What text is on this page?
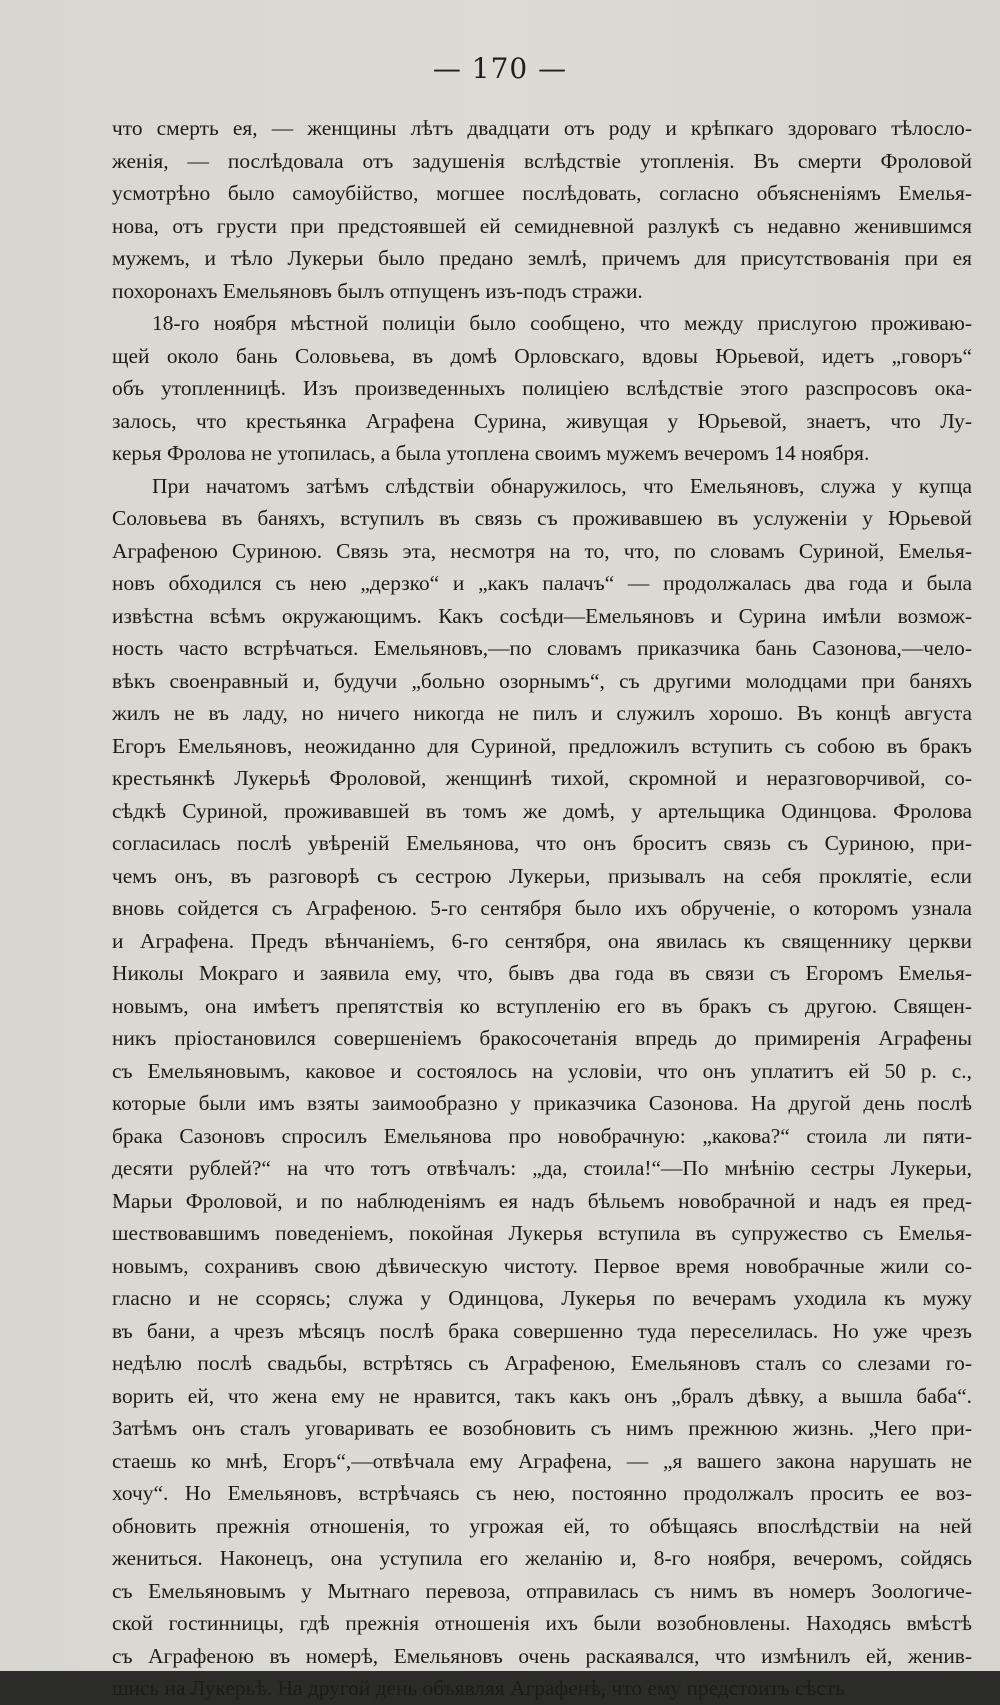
— 170 —
что смерть ея, — женщины лѣтъ двадцати отъ роду и крѣпкаго здороваго тѣлосло-
женія, — послѣдовала отъ задушенія вслѣдствіе утопленія. Въ смерти Фроловой
усмотрѣно было самоубійство, могшее послѣдовать, согласно объясненіямъ Емелья-
нова, отъ грусти при предстоявшей ей семидневной разлукѣ съ недавно женившимся
мужемъ, и тѣло Лукерьи было предано землѣ, причемъ для присутствованія при ея
похоронахъ Емельяновъ былъ отпущенъ изъ-подъ стражи.
18-го ноября мѣстной полиціи было сообщено, что между прислугою проживаю-
щей около бань Соловьева, въ домѣ Орловскаго, вдовы Юрьевой, идетъ „говоръ“
объ утопленницѣ. Изъ произведенныхъ полиціею вслѣдствіе этого разспросовъ ока-
залось, что крестьянка Аграфена Сурина, живущая у Юрьевой, знаетъ, что Лу-
керья Фролова не утопилась, а была утоплена своимъ мужемъ вечеромъ 14 ноября.
При начатомъ затѣмъ слѣдствіи обнаружилось, что Емельяновъ, служа у купца
Соловьева въ баняхъ, вступилъ въ связь съ проживавшею въ услуженіи у Юрьевой
Аграфеною Суриною. Связь эта, несмотря на то, что, по словамъ Суриной, Емелья-
новъ обходился съ нею „дерзко“ и „какъ палачъ“ — продолжалась два года и была
извѣстна всѣмъ окружающимъ. Какъ сосѣди—Емельяновъ и Сурина имѣли возмож-
ность часто встрѣчаться. Емельяновъ,—по словамъ приказчика бань Сазонова,—чело-
вѣкъ своенравный и, будучи „больно озорнымъ“, съ другими молодцами при баняхъ
жилъ не въ ладу, но ничего никогда не пилъ и служилъ хорошо. Въ концѣ августа
Егоръ Емельяновъ, неожиданно для Суриной, предложилъ вступить съ собою въ бракъ
крестьянкѣ Лукерьѣ Фроловой, женщинѣ тихой, скромной и неразговорчивой, со-
сѣдкѣ Суриной, проживавшей въ томъ же домѣ, у артельщика Одинцова. Фролова
согласилась послѣ увѣреній Емельянова, что онъ броситъ связь съ Суриною, при-
чемъ онъ, въ разговорѣ съ сестрою Лукерьи, призывалъ на себя проклятіе, если
вновь сойдется съ Аграфеною. 5-го сентября было ихъ обрученіе, о которомъ узнала
и Аграфена. Предъ вѣнчаніемъ, 6-го сентября, она явилась къ священнику церкви
Николы Мокраго и заявила ему, что, бывъ два года въ связи съ Егоромъ Емелья-
новымъ, она имѣетъ препятствія ко вступленію его въ бракъ съ другою. Священ-
никъ пріостановился совершеніемъ бракосочетанія впредь до примиренія Аграфены
съ Емельяновымъ, каковое и состоялось на условіи, что онъ уплатитъ ей 50 р. с.,
которые были имъ взяты заимообразно у приказчика Сазонова. На другой день послѣ
брака Сазоновъ спросилъ Емельянова про новобрачную: „какова?“ стоила ли пяти-
десяти рублей?“ на что тотъ отвѣчалъ: „да, стоила!“—По мнѣнію сестры Лукерьи,
Марьи Фроловой, и по наблюденіямъ ея надъ бѣльемъ новобрачной и надъ ея пред-
шествовавшимъ поведеніемъ, покойная Лукерья вступила въ супружество съ Емелья-
новымъ, сохранивъ свою дѣвическую чистоту. Первое время новобрачные жили со-
гласно и не ссорясь; служа у Одинцова, Лукерья по вечерамъ уходила къ мужу
въ бани, а чрезъ мѣсяцъ послѣ брака совершенно туда переселилась. Но уже чрезъ
недѣлю послѣ свадьбы, встрѣтясь съ Аграфеною, Емельяновъ сталъ со слезами го-
ворить ей, что жена ему не нравится, такъ какъ онъ „бралъ дѣвку, а вышла баба“.
Затѣмъ онъ сталъ уговаривать ее возобновить съ нимъ прежнюю жизнь. „Чего при-
стаешь ко мнѣ, Егоръ“,—отвѣчала ему Аграфена, — „я вашего закона нарушать не
хочу“. Но Емельяновъ, встрѣчаясь съ нею, постоянно продолжалъ просить ее воз-
обновить прежнія отношенія, то угрожая ей, то обѣщаясь впослѣдствіи на ней
жениться. Наконецъ, она уступила его желанію и, 8-го ноября, вечеромъ, сойдясь
съ Емельяновымъ у Мытнаго перевоза, отправилась съ нимъ въ номеръ Зоологиче-
ской гостинницы, гдѣ прежнія отношенія ихъ были возобновлены. Находясь вмѣстѣ
съ Аграфеною въ номерѣ, Емельяновъ очень раскаявался, что измѣнилъ ей, женив-
шись на Лукерьѣ. На другой день объявляя Аграфенѣ, что ему предстоитъ сѣсть
